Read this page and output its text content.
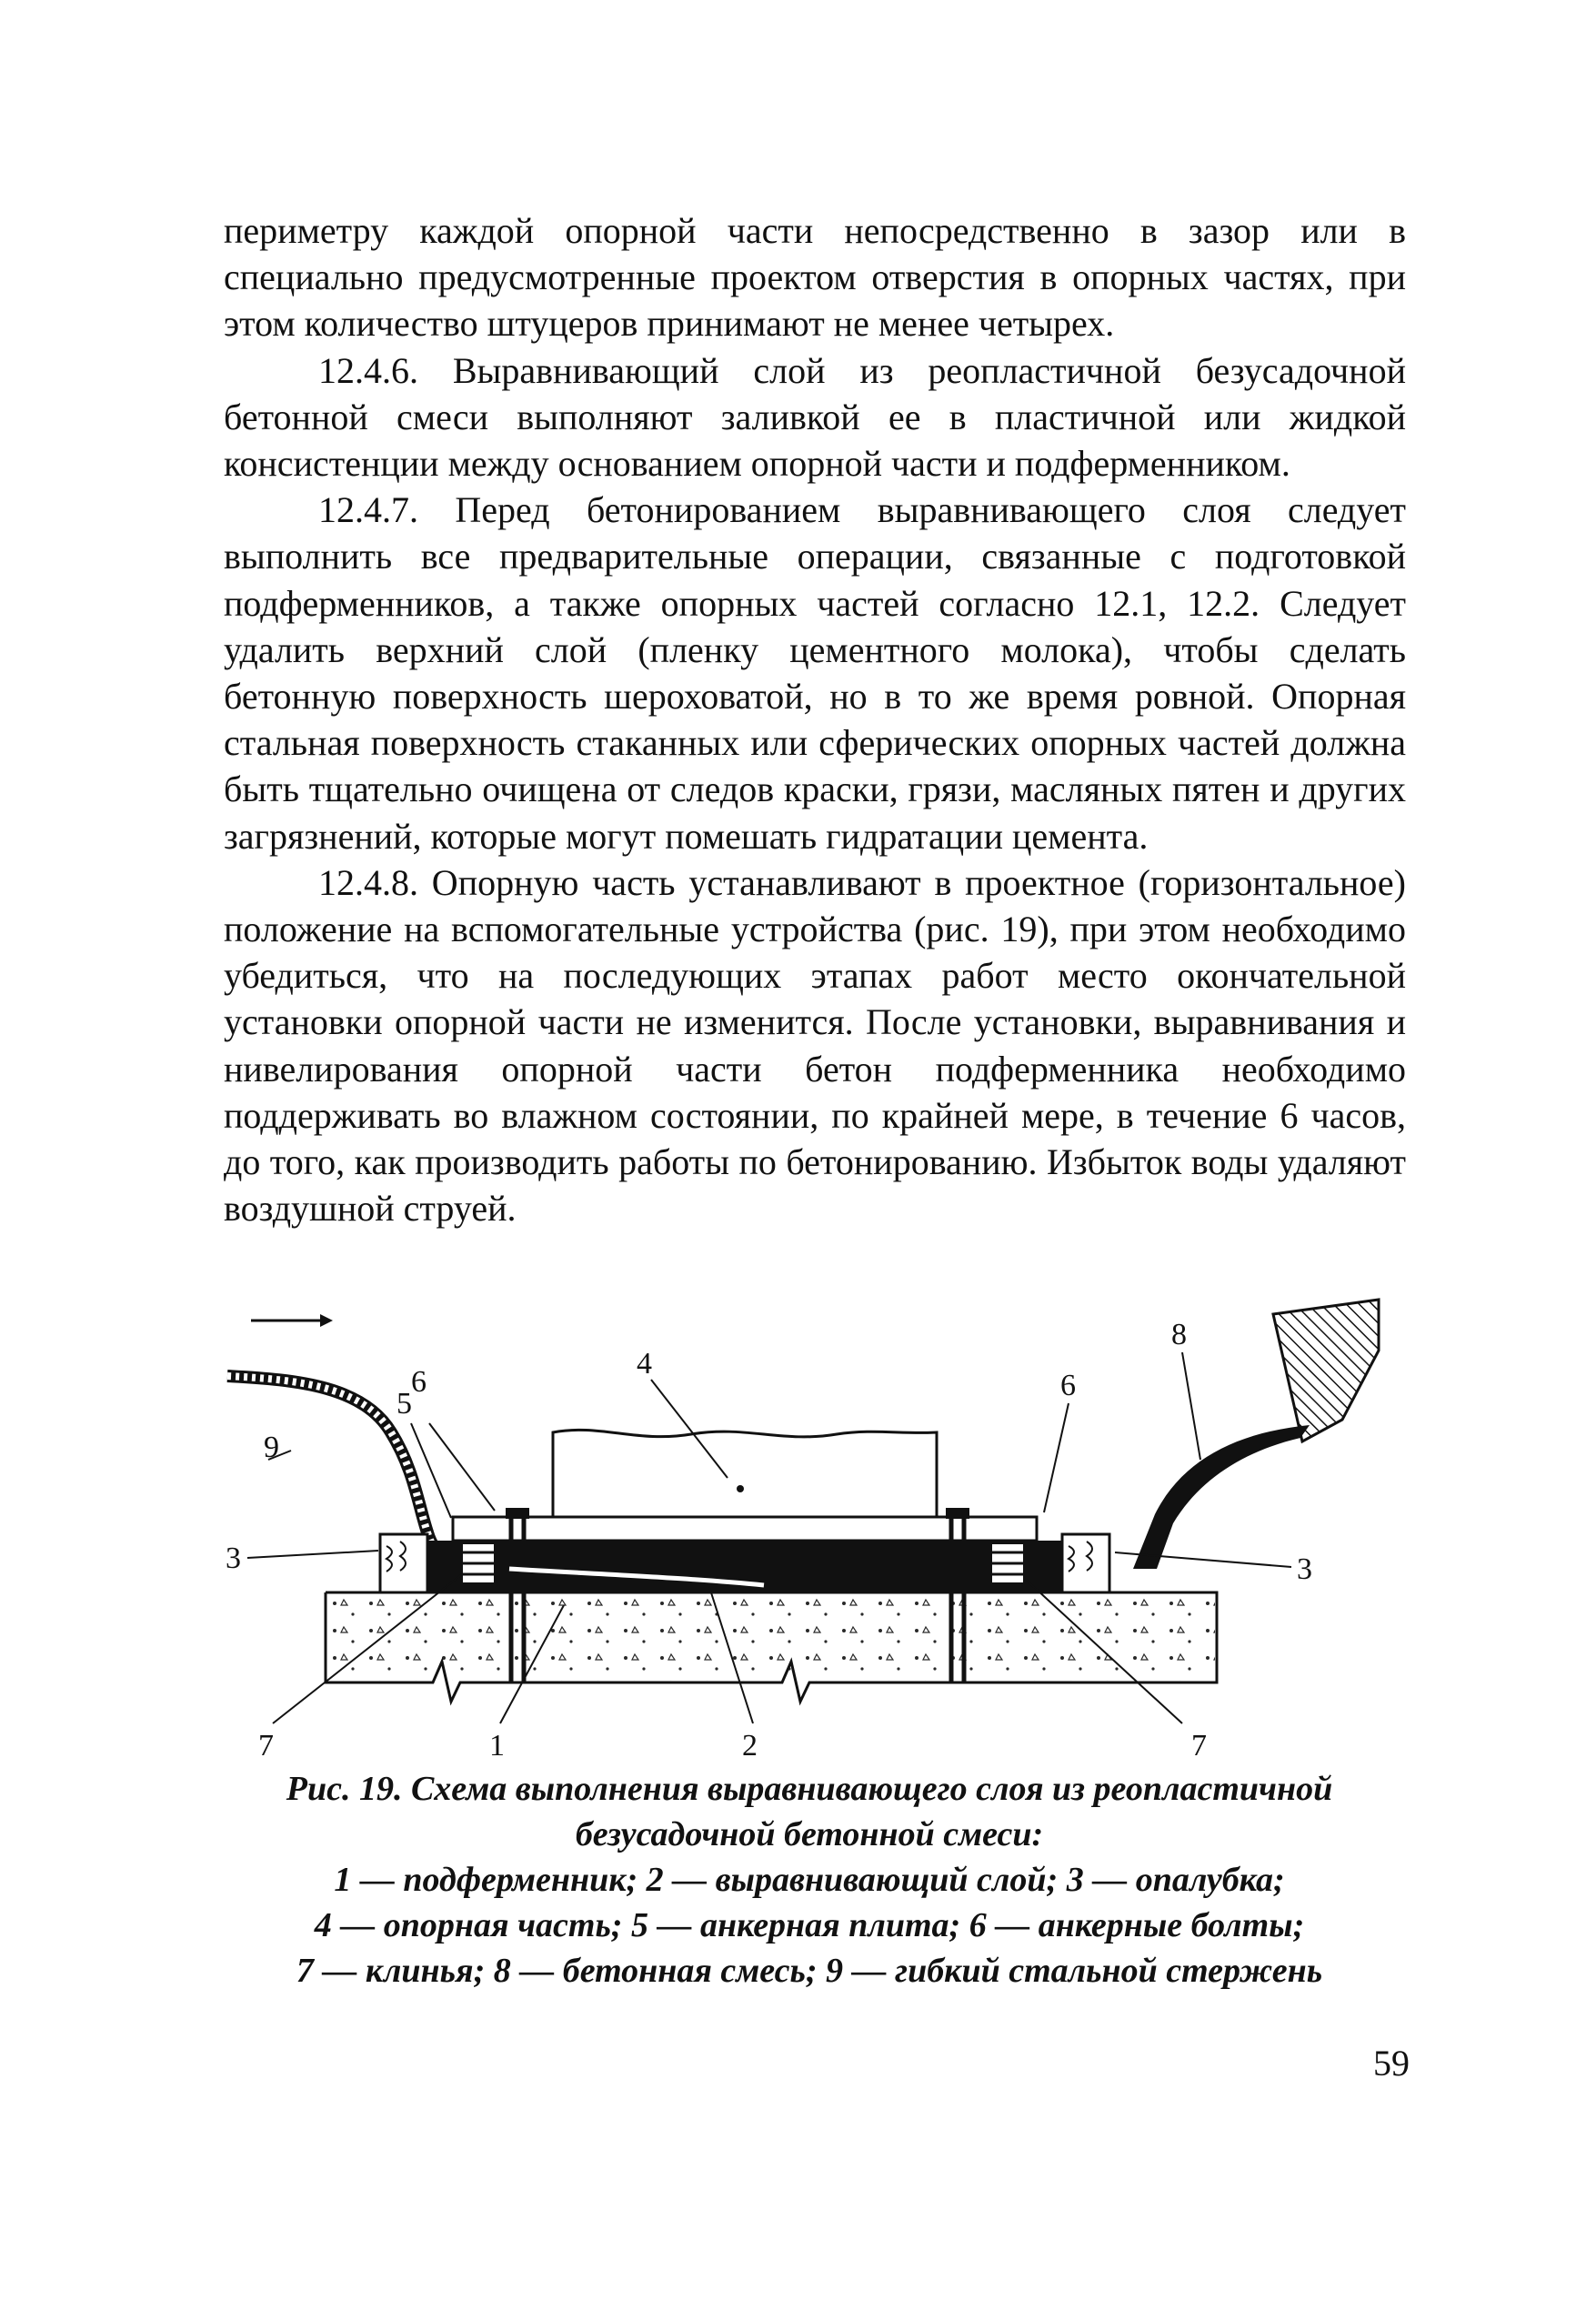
периметру каждой опорной части непосредственно в зазор или в специально предусмотренные проектом отверстия в опорных частях, при этом количество штуцеров принимают не менее четырех.

12.4.6. Выравнивающий слой из реопластичной безусадочной бетонной смеси выполняют заливкой ее в пластичной или жидкой консистенции между основанием опорной части и подферменником.

12.4.7. Перед бетонированием выравнивающего слоя следует выполнить все предварительные операции, связанные с подготовкой подферменников, а также опорных частей согласно 12.1, 12.2. Следует удалить верхний слой (пленку цементного молока), чтобы сделать бетонную поверхность шероховатой, но в то же время ровной. Опорная стальная поверхность стаканных или сферических опорных частей должна быть тщательно очищена от следов краски, грязи, масляных пятен и других загрязнений, которые могут помешать гидратации цемента.

12.4.8. Опорную часть устанавливают в проектное (горизонтальное) положение на вспомогательные устройства (рис. 19), при этом необходимо убедиться, что на последующих этапах работ место окончательной установки опорной части не изменится. После установки, выравнивания и нивелирования опорной части бетон подферменника необходимо поддерживать во влажном состоянии, по крайней мере, в течение 6 часов, до того, как производить работы по бетонированию. Избыток воды удаляют воздушной струей.

9
5
6
4
6
8
3	3
7	1	2	7

Рис. 19. Схема выполнения выравнивающего слоя из реопластичной

безусадочной бетонной смеси:

1 — подферменник; 2 — выравнивающий слой; 3 — опалубка;

4 — опорная часть; 5 — анкерная плита; 6 — анкерные болты;

7 — клинья; 8 — бетонная смесь; 9 — гибкий стальной стержень

59
